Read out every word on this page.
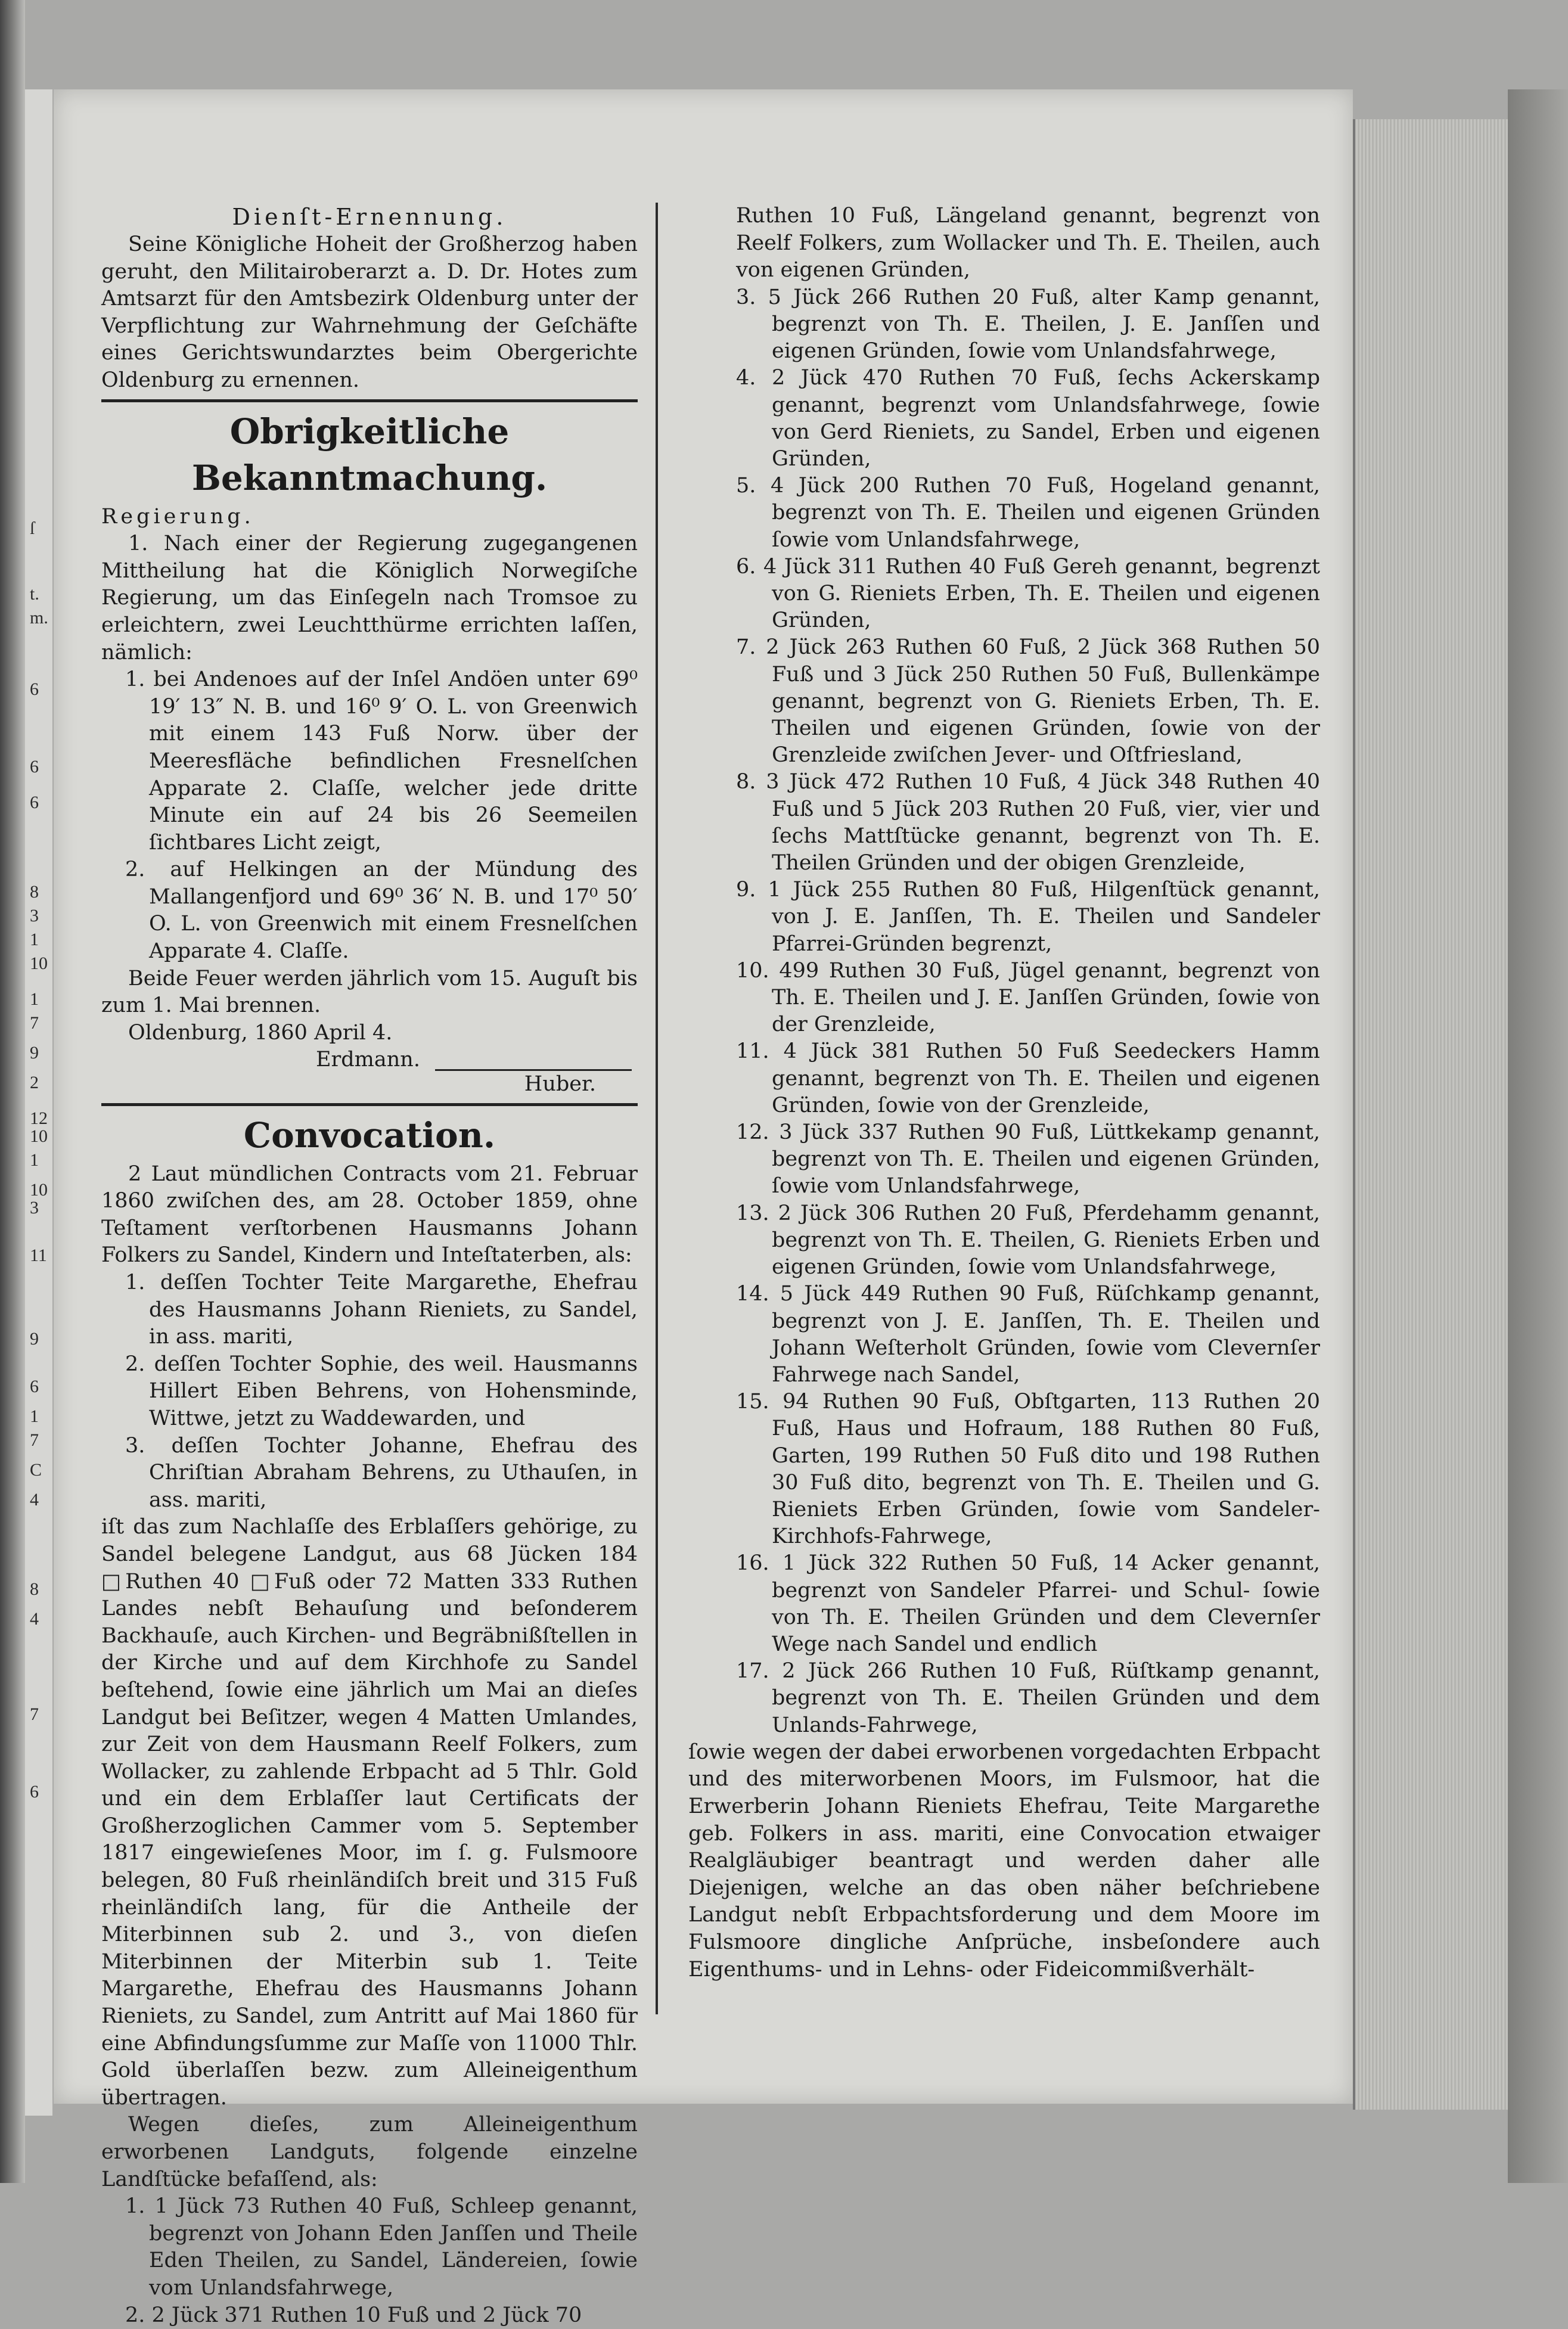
ſ
t.
m.
6
6
6
8
3
1
10
1
7
9
2
12
10
1
10
3
11
9
6
1
7
C
4
8
4
7
6

Dienſt-Ernennung.

Seine Königliche Hoheit der Großherzog haben geruht, den Militairoberarzt a. D. Dr. Hotes zum Amtsarzt für den Amtsbezirk Oldenburg unter der Verpflichtung zur Wahrnehmung der Geſchäfte eines Gerichtswundarztes beim Obergerichte Oldenburg zu ernennen.

Obrigkeitliche Bekanntmachung.

Regierung.

1. Nach einer der Regierung zugegangenen Mittheilung hat die Königlich Norwegiſche Regierung, um das Einſegeln nach Tromsoe zu erleichtern, zwei Leuchtthürme errichten laſſen, nämlich:

1. bei Andenoes auf der Inſel Andöen unter 69⁰ 19′ 13″ N. B. und 16⁰ 9′ O. L. von Greenwich mit einem 143 Fuß Norw. über der Meeresfläche befindlichen Fresnelſchen Apparate 2. Claſſe, welcher jede dritte Minute ein auf 24 bis 26 Seemeilen ſichtbares Licht zeigt,

2. auf Helkingen an der Mündung des Mallangenfjord und 69⁰ 36′ N. B. und 17⁰ 50′ O. L. von Greenwich mit einem Fresnelſchen Apparate 4. Claſſe.

Beide Feuer werden jährlich vom 15. Auguſt bis zum 1. Mai brennen.

Oldenburg, 1860 April 4.

Erdmann.

Huber.

Convocation.

2 Laut mündlichen Contracts vom 21. Februar 1860 zwiſchen des, am 28. October 1859, ohne Teſtament verſtorbenen Hausmanns Johann Folkers zu Sandel, Kindern und Inteſtaterben, als:

1. deſſen Tochter Teite Margarethe, Ehefrau des Hausmanns Johann Rieniets, zu Sandel, in ass. mariti,

2. deſſen Tochter Sophie, des weil. Hausmanns Hillert Eiben Behrens, von Hohensminde, Wittwe, jetzt zu Waddewarden, und

3. deſſen Tochter Johanne, Ehefrau des Chriſtian Abraham Behrens, zu Uthauſen, in ass. mariti,

iſt das zum Nachlaſſe des Erblaſſers gehörige, zu Sandel belegene Landgut, aus 68 Jücken 184 □Ruthen 40 □Fuß oder 72 Matten 333 Ruthen Landes nebſt Behauſung und beſonderem Backhauſe, auch Kirchen- und Begräbnißſtellen in der Kirche und auf dem Kirchhofe zu Sandel beſtehend, ſowie eine jährlich um Mai an dieſes Landgut bei Beſitzer, wegen 4 Matten Umlandes, zur Zeit von dem Hausmann Reelf Folkers, zum Wollacker, zu zahlende Erbpacht ad 5 Thlr. Gold und ein dem Erblaſſer laut Certificats der Großherzoglichen Cammer vom 5. September 1817 eingewieſenes Moor, im ſ. g. Fulsmoore belegen, 80 Fuß rheinländiſch breit und 315 Fuß rheinländiſch lang, für die Antheile der Miterbinnen sub 2. und 3., von dieſen Miterbinnen der Miterbin sub 1. Teite Margarethe, Ehefrau des Hausmanns Johann Rieniets, zu Sandel, zum Antritt auf Mai 1860 für eine Abfindungsſumme zur Maſſe von 11000 Thlr. Gold überlaſſen bezw. zum Alleineigenthum übertragen.

Wegen dieſes, zum Alleineigenthum erworbenen Landguts, folgende einzelne Landſtücke befaſſend, als:

1. 1 Jück 73 Ruthen 40 Fuß, Schleep genannt, begrenzt von Johann Eden Janſſen und Theile Eden Theilen, zu Sandel, Ländereien, ſowie vom Unlandsfahrwege,

2. 2 Jück 371 Ruthen 10 Fuß und 2 Jück 70

Ruthen 10 Fuß, Längeland genannt, begrenzt von Reelf Folkers, zum Wollacker und Th. E. Theilen, auch von eigenen Gründen,

3. 5 Jück 266 Ruthen 20 Fuß, alter Kamp genannt, begrenzt von Th. E. Theilen, J. E. Janſſen und eigenen Gründen, ſowie vom Unlandsfahrwege,

4. 2 Jück 470 Ruthen 70 Fuß, ſechs Ackerskamp genannt, begrenzt vom Unlandsfahrwege, ſowie von Gerd Rieniets, zu Sandel, Erben und eigenen Gründen,

5. 4 Jück 200 Ruthen 70 Fuß, Hogeland genannt, begrenzt von Th. E. Theilen und eigenen Gründen ſowie vom Unlandsfahrwege,

6. 4 Jück 311 Ruthen 40 Fuß Gereh genannt, begrenzt von G. Rieniets Erben, Th. E. Theilen und eigenen Gründen,

7. 2 Jück 263 Ruthen 60 Fuß, 2 Jück 368 Ruthen 50 Fuß und 3 Jück 250 Ruthen 50 Fuß, Bullenkämpe genannt, begrenzt von G. Rieniets Erben, Th. E. Theilen und eigenen Gründen, ſowie von der Grenzleide zwiſchen Jever- und Oſtfriesland,

8. 3 Jück 472 Ruthen 10 Fuß, 4 Jück 348 Ruthen 40 Fuß und 5 Jück 203 Ruthen 20 Fuß, vier, vier und ſechs Mattſtücke genannt, begrenzt von Th. E. Theilen Gründen und der obigen Grenzleide,

9. 1 Jück 255 Ruthen 80 Fuß, Hilgenſtück genannt, von J. E. Janſſen, Th. E. Theilen und Sandeler Pfarrei-Gründen begrenzt,

10. 499 Ruthen 30 Fuß, Jügel genannt, begrenzt von Th. E. Theilen und J. E. Janſſen Gründen, ſowie von der Grenzleide,

11. 4 Jück 381 Ruthen 50 Fuß Seedeckers Hamm genannt, begrenzt von Th. E. Theilen und eigenen Gründen, ſowie von der Grenzleide,

12. 3 Jück 337 Ruthen 90 Fuß, Lüttkekamp genannt, begrenzt von Th. E. Theilen und eigenen Gründen, ſowie vom Unlandsfahrwege,

13. 2 Jück 306 Ruthen 20 Fuß, Pferdehamm genannt, begrenzt von Th. E. Theilen, G. Rieniets Erben und eigenen Gründen, ſowie vom Unlandsfahrwege,

14. 5 Jück 449 Ruthen 90 Fuß, Rüſchkamp genannt, begrenzt von J. E. Janſſen, Th. E. Theilen und Johann Weſterholt Gründen, ſowie vom Clevernſer Fahrwege nach Sandel,

15. 94 Ruthen 90 Fuß, Obſtgarten, 113 Ruthen 20 Fuß, Haus und Hofraum, 188 Ruthen 80 Fuß, Garten, 199 Ruthen 50 Fuß dito und 198 Ruthen 30 Fuß dito, begrenzt von Th. E. Theilen und G. Rieniets Erben Gründen, ſowie vom Sandeler-Kirchhofs-Fahrwege,

16. 1 Jück 322 Ruthen 50 Fuß, 14 Acker genannt, begrenzt von Sandeler Pfarrei- und Schul- ſowie von Th. E. Theilen Gründen und dem Clevernſer Wege nach Sandel und endlich

17. 2 Jück 266 Ruthen 10 Fuß, Rüſtkamp genannt, begrenzt von Th. E. Theilen Gründen und dem Unlands-Fahrwege,

ſowie wegen der dabei erworbenen vorgedachten Erbpacht und des miterworbenen Moors, im Fulsmoor, hat die Erwerberin Johann Rieniets Ehefrau, Teite Margarethe geb. Folkers in ass. mariti, eine Convocation etwaiger Realgläubiger beantragt und werden daher alle Diejenigen, welche an das oben näher beſchriebene Landgut nebſt Erbpachtsforderung und dem Moore im Fulsmoore dingliche Anſprüche, insbeſondere auch Eigenthums- und in Lehns- oder Fideicommißverhält-
